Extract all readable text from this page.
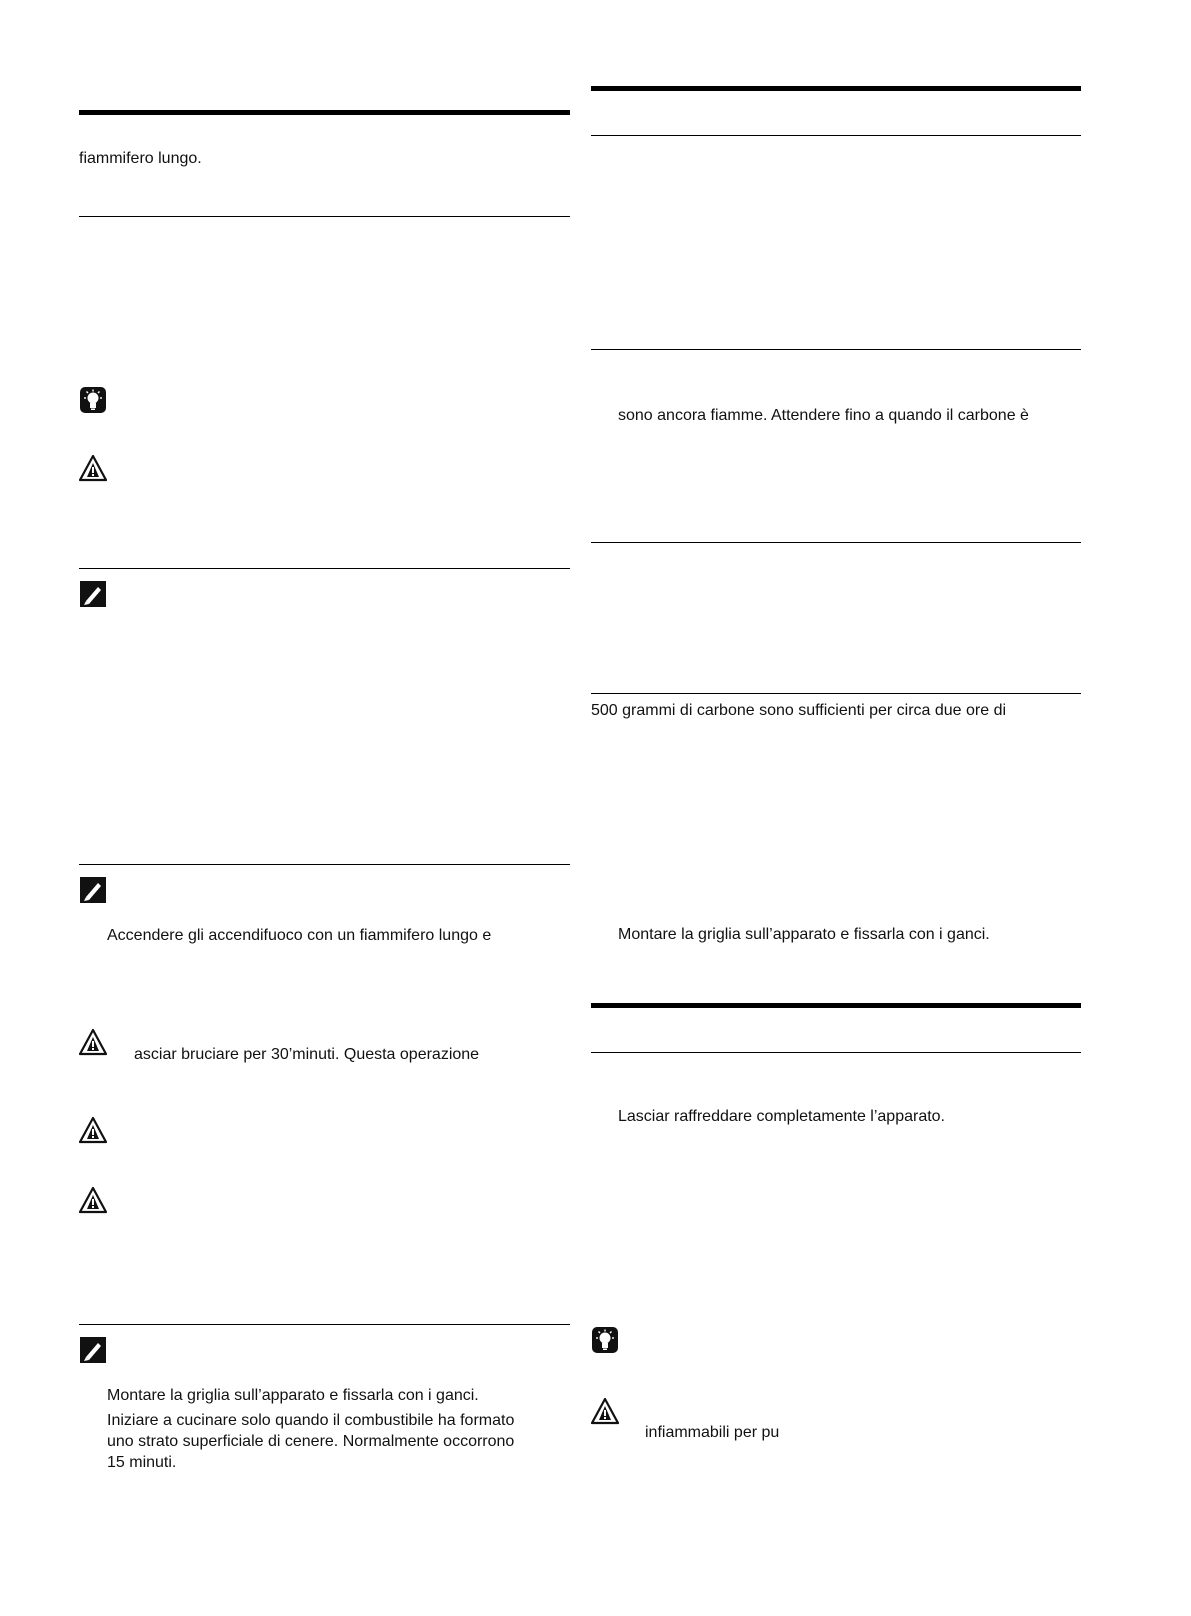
fiammifero lungo.

Accendere gli accendifuoco con un fiammifero lungo e

asciar bruciare per 30’minuti. Questa operazione

Montare la griglia sull’apparato e fissarla con i ganci.

Iniziare a cucinare solo quando il combustibile ha formato

uno strato superficiale di cenere. Normalmente occorrono

15 minuti.

sono ancora fiamme. Attendere fino a quando il carbone è

500 grammi di carbone sono sufficienti per circa due ore di

Montare la griglia sull’apparato e fissarla con i ganci.

Lasciar raffreddare completamente l’apparato.

infiammabili per pu
